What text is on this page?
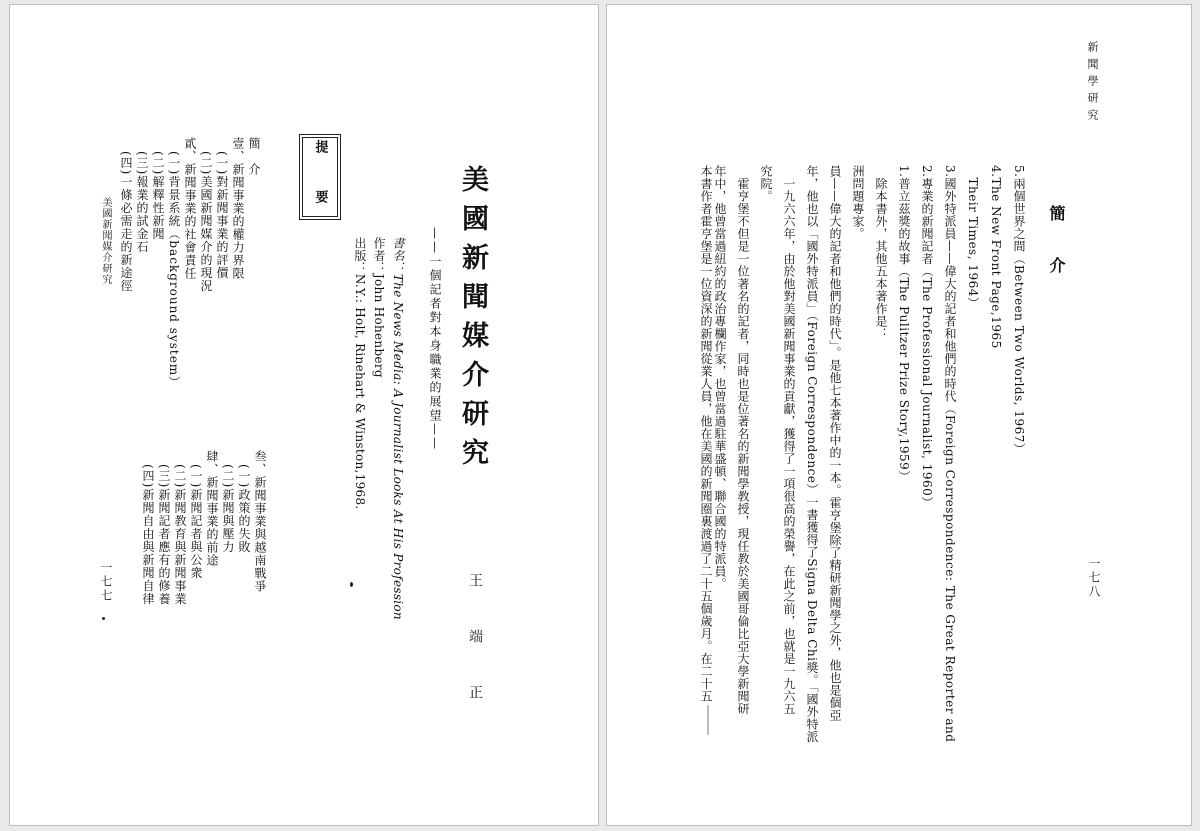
美國新聞媒介研究
——一個記者對本身職業的展望——
王　端　正
書名：The News Media: A Journalist Looks At His Profession
作者：John Hohenberg
出版：N.Y.: Holt, Rinehart & Winston,1968.
提　要
簡　介
壹、新聞事業的權力界限
(一)對新聞事業的評價
(二)美國新聞媒介的現況
貳、新聞事業的社會責任
(一)背景系統（background system）
(二)解釋性新聞
(三)報業的試金石
(四)一條必需走的新途徑
叁、新聞事業與越南戰爭
(一)政策的失敗
(二)新聞與壓力
肆、新聞事業的前途
(一)新聞記者與公衆
(二)新聞教育與新聞事業
(三)新聞記者應有的修養
(四)新聞自由與新聞自律
美國新聞媒介研究
一七七
新聞學研究
一七八
簡　介
5.兩個世界之間（Between Two Worlds, 1967）
4.The New Front Page,1965
　Their Times, 1964）
3.國外特派員——偉大的記者和他們的時代（Foreign Correspondence: The Great Reporter and
2.專業的新聞記者（The Professional Journalist, 1960）
1.普立茲獎的故事（The Pulitzer Prize Story,1959）
　除本書外，其他五本著作是：
洲問題專家。
員——偉大的記者和他們的時代」。是他七本著作中的一本。霍亨堡除了精研新聞學之外，他也是個亞
年，他也以「國外特派員」（Foreign Correspondence）一書獲得了Signa Delta Chi獎。「國外特派
　一九六六年，由於他對美國新聞事業的貢獻，獲得了一項很高的榮譽，在此之前，也就是一九六五
究院。
　霍亨堡不但是一位著名的記者，同時也是位著名的新聞學教授，現任教於美國哥倫比亞大學新聞研
年中，他曾當過紐約的政治專欄作家，也曾當過駐華盛頓、聯合國的特派員。
本書作者霍亨堡是一位資深的新聞從業人員，他在美國的新聞圈裏渡過了二十五個歲月。在二十五
